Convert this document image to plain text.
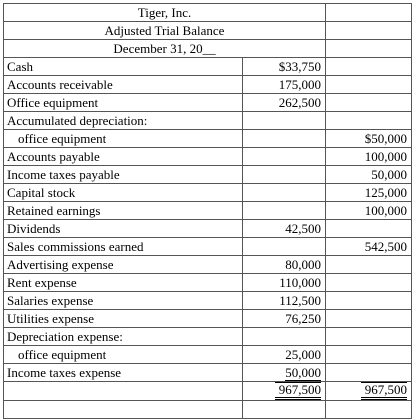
Tiger, Inc.		
Adjusted Trial Balance		
December 31, 20__		
Cash	$33,750	
Accounts receivable	175,000	
Office equipment	262,500	
Accumulated depreciation:		
office equipment		$50,000
Accounts payable		100,000
Income taxes payable		50,000
Capital stock		125,000
Retained earnings		100,000
Dividends	42,500	
Sales commissions earned		542,500
Advertising expense	80,000	
Rent expense	110,000	
Salaries expense	112,500	
Utilities expense	76,250	
Depreciation expense:		
office equipment	25,000	
Income taxes expense	50,000	
	967,500	967,500
